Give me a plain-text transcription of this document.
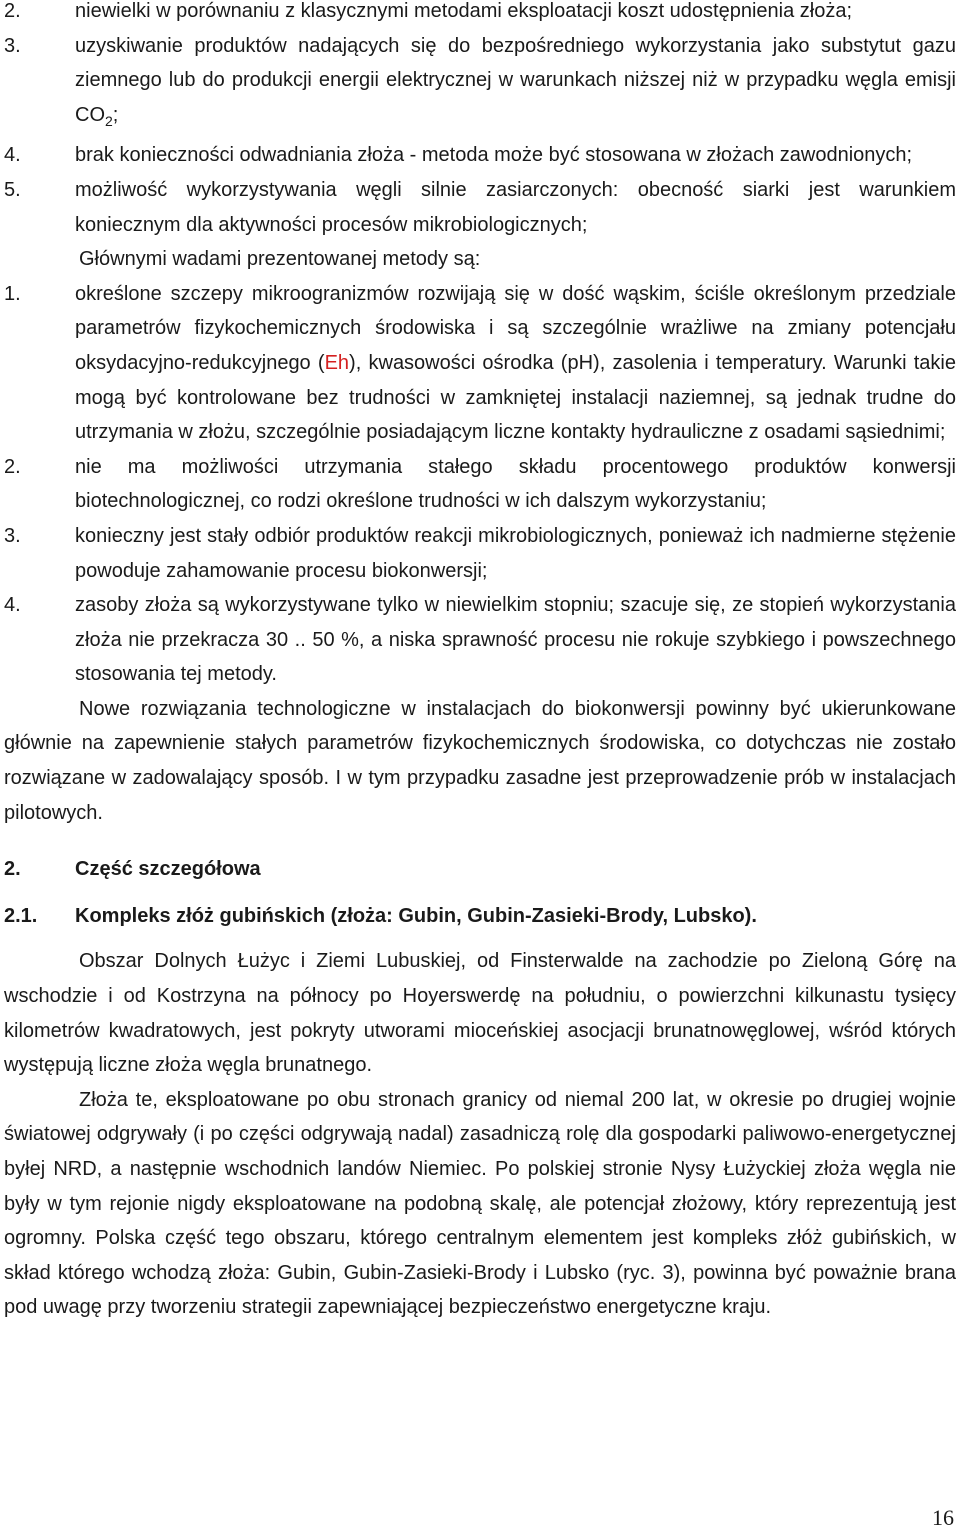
2.	niewielki w porównaniu z klasycznymi metodami eksploatacji koszt udostępnienia złoża;
3.	uzyskiwanie produktów nadających się do bezpośredniego wykorzystania jako substytut gazu ziemnego lub do produkcji energii elektrycznej w warunkach niższej niż w przypadku węgla emisji $CO_2$;
4.	brak konieczności odwadniania złoża - metoda może być stosowana w złożach zawodnionych;
5.	możliwość wykorzystywania węgli silnie zasiarczonych: obecność siarki jest warunkiem koniecznym dla aktywności procesów mikrobiologicznych;
Głównymi wadami prezentowanej metody są:
1.	określone szczepy mikroogranizmów rozwijają się w dość wąskim, ściśle określonym przedziale parametrów fizykochemicznych środowiska i są szczególnie wrażliwe na zmiany potencjału oksydacyjno-redukcyjnego (Eh), kwasowości ośrodka (pH), zasolenia i temperatury. Warunki takie mogą być kontrolowane bez trudności w zamkniętej instalacji naziemnej, są jednak trudne do utrzymania w złożu, szczególnie posiadającym liczne kontakty hydrauliczne z osadami sąsiednimi;
2.	nie ma możliwości utrzymania stałego składu procentowego produktów konwersji biotechnologicznej, co rodzi określone trudności w ich dalszym wykorzystaniu;
3.	konieczny jest stały odbiór produktów reakcji mikrobiologicznych, ponieważ ich nadmierne stężenie powoduje zahamowanie procesu biokonwersji;
4.	zasoby złoża są wykorzystywane tylko w niewielkim stopniu; szacuje się, ze stopień wykorzystania złoża nie przekracza 30 .. 50 %, a niska sprawność procesu nie rokuje szybkiego i powszechnego stosowania tej metody.

Nowe rozwiązania technologiczne w instalacjach do biokonwersji powinny być ukierunkowane głównie na zapewnienie stałych parametrów fizykochemicznych środowiska, co dotychczas nie zostało rozwiązane w zadowalający sposób. I w tym przypadku zasadne jest przeprowadzenie prób w instalacjach pilotowych.

2.	Część szczegółowa
2.1.	Kompleks złóż gubińskich (złoża: Gubin, Gubin-Zasieki-Brody, Lubsko).

Obszar Dolnych Łużyc i Ziemi Lubuskiej, od Finsterwalde na zachodzie po Zieloną Górę na wschodzie i od Kostrzyna na północy po Hoyerswerdę na południu, o powierzchni kilkunastu tysięcy kilometrów kwadratowych, jest pokryty utworami mioceńskiej asocjacji brunatnowęglowej, wśród których występują liczne złoża węgla brunatnego.

Złoża te, eksploatowane po obu stronach granicy od niemal 200 lat, w okresie po drugiej wojnie światowej odgrywały (i po części odgrywają nadal) zasadniczą rolę dla gospodarki paliwowo-energetycznej byłej NRD, a następnie wschodnich landów Niemiec. Po polskiej stronie Nysy Łużyckiej złoża węgla nie były w tym rejonie nigdy eksploatowane na podobną skalę, ale potencjał złożowy, który reprezentują jest ogromny. Polska część tego obszaru, którego centralnym elementem jest kompleks złóż gubińskich, w skład którego wchodzą złoża: Gubin, Gubin-Zasieki-Brody i Lubsko (ryc. 3), powinna być poważnie brana pod uwagę przy tworzeniu strategii zapewniającej bezpieczeństwo energetyczne kraju.

16
